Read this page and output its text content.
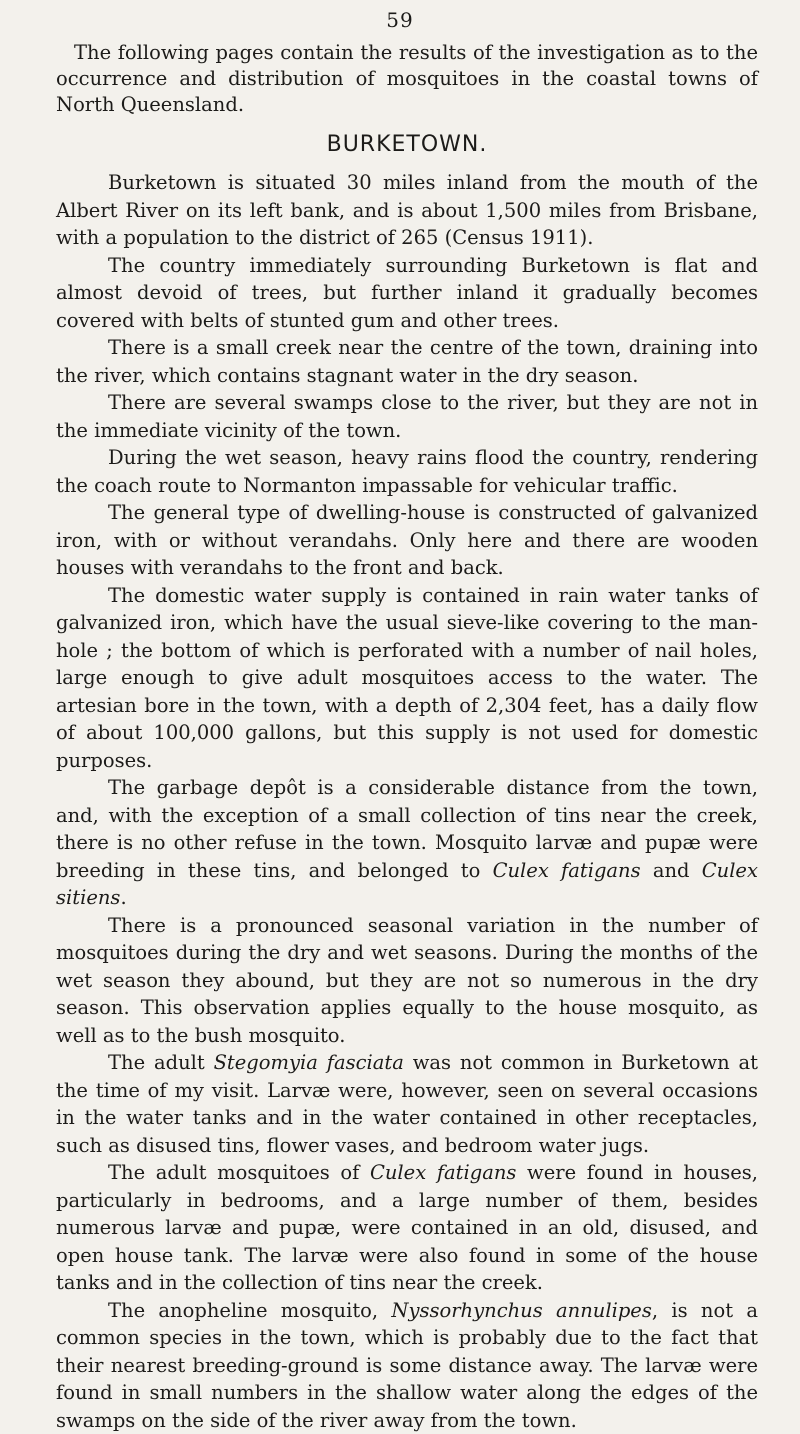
59

The following pages contain the results of the investigation as to the occurrence and distribution of mosquitoes in the coastal towns of North Queensland.

BURKETOWN.

Burketown is situated 30 miles inland from the mouth of the Albert River on its left bank, and is about 1,500 miles from Brisbane, with a population to the district of 265 (Census 1911).

The country immediately surrounding Burketown is flat and almost devoid of trees, but further inland it gradually becomes covered with belts of stunted gum and other trees.

There is a small creek near the centre of the town, draining into the river, which contains stagnant water in the dry season.

There are several swamps close to the river, but they are not in the immediate vicinity of the town.

During the wet season, heavy rains flood the country, rendering the coach route to Normanton impassable for vehicular traffic.

The general type of dwelling-house is constructed of galvanized iron, with or without verandahs. Only here and there are wooden houses with verandahs to the front and back.

The domestic water supply is contained in rain water tanks of galvanized iron, which have the usual sieve-like covering to the man-hole ; the bottom of which is perforated with a number of nail holes, large enough to give adult mosquitoes access to the water. The artesian bore in the town, with a depth of 2,304 feet, has a daily flow of about 100,000 gallons, but this supply is not used for domestic purposes.

The garbage depôt is a considerable distance from the town, and, with the exception of a small collection of tins near the creek, there is no other refuse in the town. Mosquito larvæ and pupæ were breeding in these tins, and belonged to Culex fatigans and Culex sitiens.

There is a pronounced seasonal variation in the number of mosquitoes during the dry and wet seasons. During the months of the wet season they abound, but they are not so numerous in the dry season. This observation applies equally to the house mosquito, as well as to the bush mosquito.

The adult Stegomyia fasciata was not common in Burketown at the time of my visit. Larvæ were, however, seen on several occasions in the water tanks and in the water contained in other receptacles, such as disused tins, flower vases, and bedroom water jugs.

The adult mosquitoes of Culex fatigans were found in houses, particularly in bedrooms, and a large number of them, besides numerous larvæ and pupæ, were contained in an old, disused, and open house tank. The larvæ were also found in some of the house tanks and in the collection of tins near the creek.

The anopheline mosquito, Nyssorhynchus annulipes, is not a common species in the town, which is probably due to the fact that their nearest breeding-ground is some distance away. The larvæ were found in small numbers in the shallow water along the edges of the swamps on the side of the river away from the town.
